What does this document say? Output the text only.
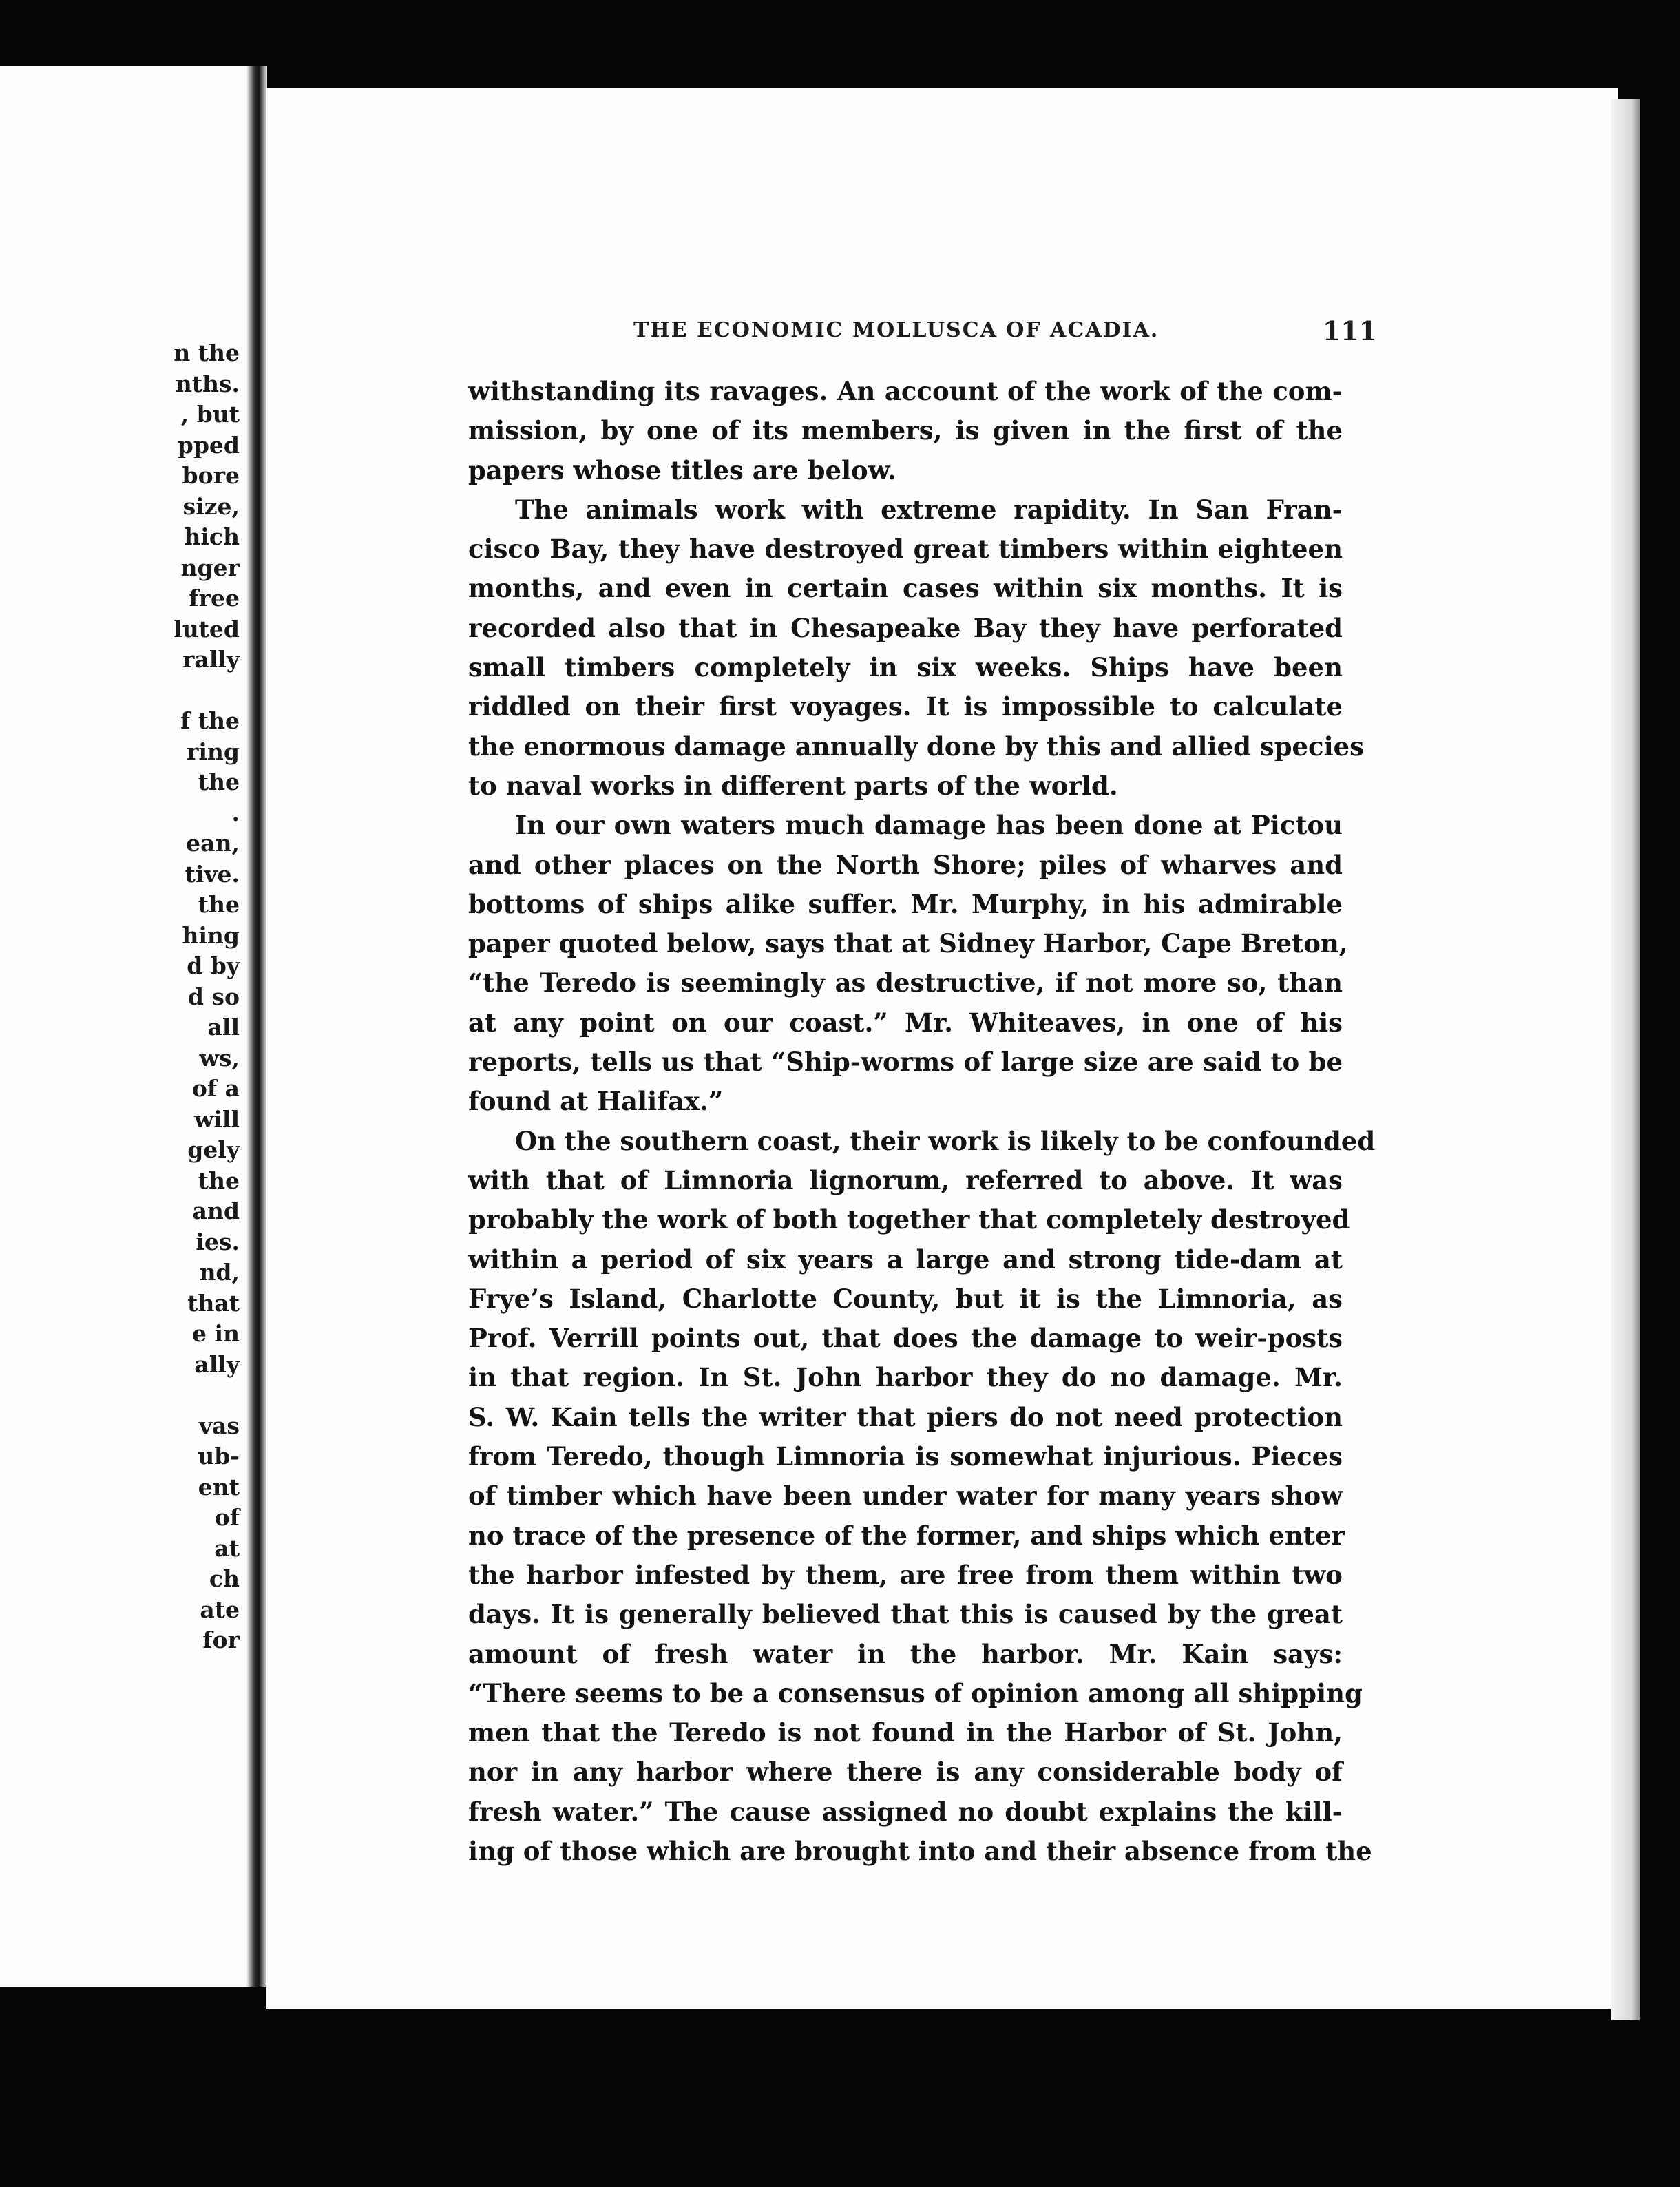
n the
nths.
, but
pped
bore
size,
hich
nger
free
luted
rally
f the
ring
the
.
ean,
tive.
the
hing
d by
d so
all
ws,
of a
will
gely
the
and
ies.
nd,
that
e in
ally
vas
ub-
ent
of
at
ch
ate
for
THE ECONOMIC MOLLUSCA OF ACADIA.	111
withstanding its ravages. An account of the work of the com-
mission, by one of its members, is given in the first of the
papers whose titles are below.
The animals work with extreme rapidity. In San Fran-
cisco Bay, they have destroyed great timbers within eighteen
months, and even in certain cases within six months. It is
recorded also that in Chesapeake Bay they have perforated
small timbers completely in six weeks. Ships have been
riddled on their first voyages. It is impossible to calculate
the enormous damage annually done by this and allied species
to naval works in different parts of the world.
In our own waters much damage has been done at Pictou
and other places on the North Shore; piles of wharves and
bottoms of ships alike suffer. Mr. Murphy, in his admirable
paper quoted below, says that at Sidney Harbor, Cape Breton,
“the Teredo is seemingly as destructive, if not more so, than
at any point on our coast.” Mr. Whiteaves, in one of his
reports, tells us that “Ship-worms of large size are said to be
found at Halifax.”
On the southern coast, their work is likely to be confounded
with that of Limnoria lignorum, referred to above. It was
probably the work of both together that completely destroyed
within a period of six years a large and strong tide-dam at
Frye’s Island, Charlotte County, but it is the Limnoria, as
Prof. Verrill points out, that does the damage to weir-posts
in that region. In St. John harbor they do no damage. Mr.
S. W. Kain tells the writer that piers do not need protection
from Teredo, though Limnoria is somewhat injurious. Pieces
of timber which have been under water for many years show
no trace of the presence of the former, and ships which enter
the harbor infested by them, are free from them within two
days. It is generally believed that this is caused by the great
amount of fresh water in the harbor. Mr. Kain says:
“There seems to be a consensus of opinion among all shipping
men that the Teredo is not found in the Harbor of St. John,
nor in any harbor where there is any considerable body of
fresh water.” The cause assigned no doubt explains the kill-
ing of those which are brought into and their absence from the
